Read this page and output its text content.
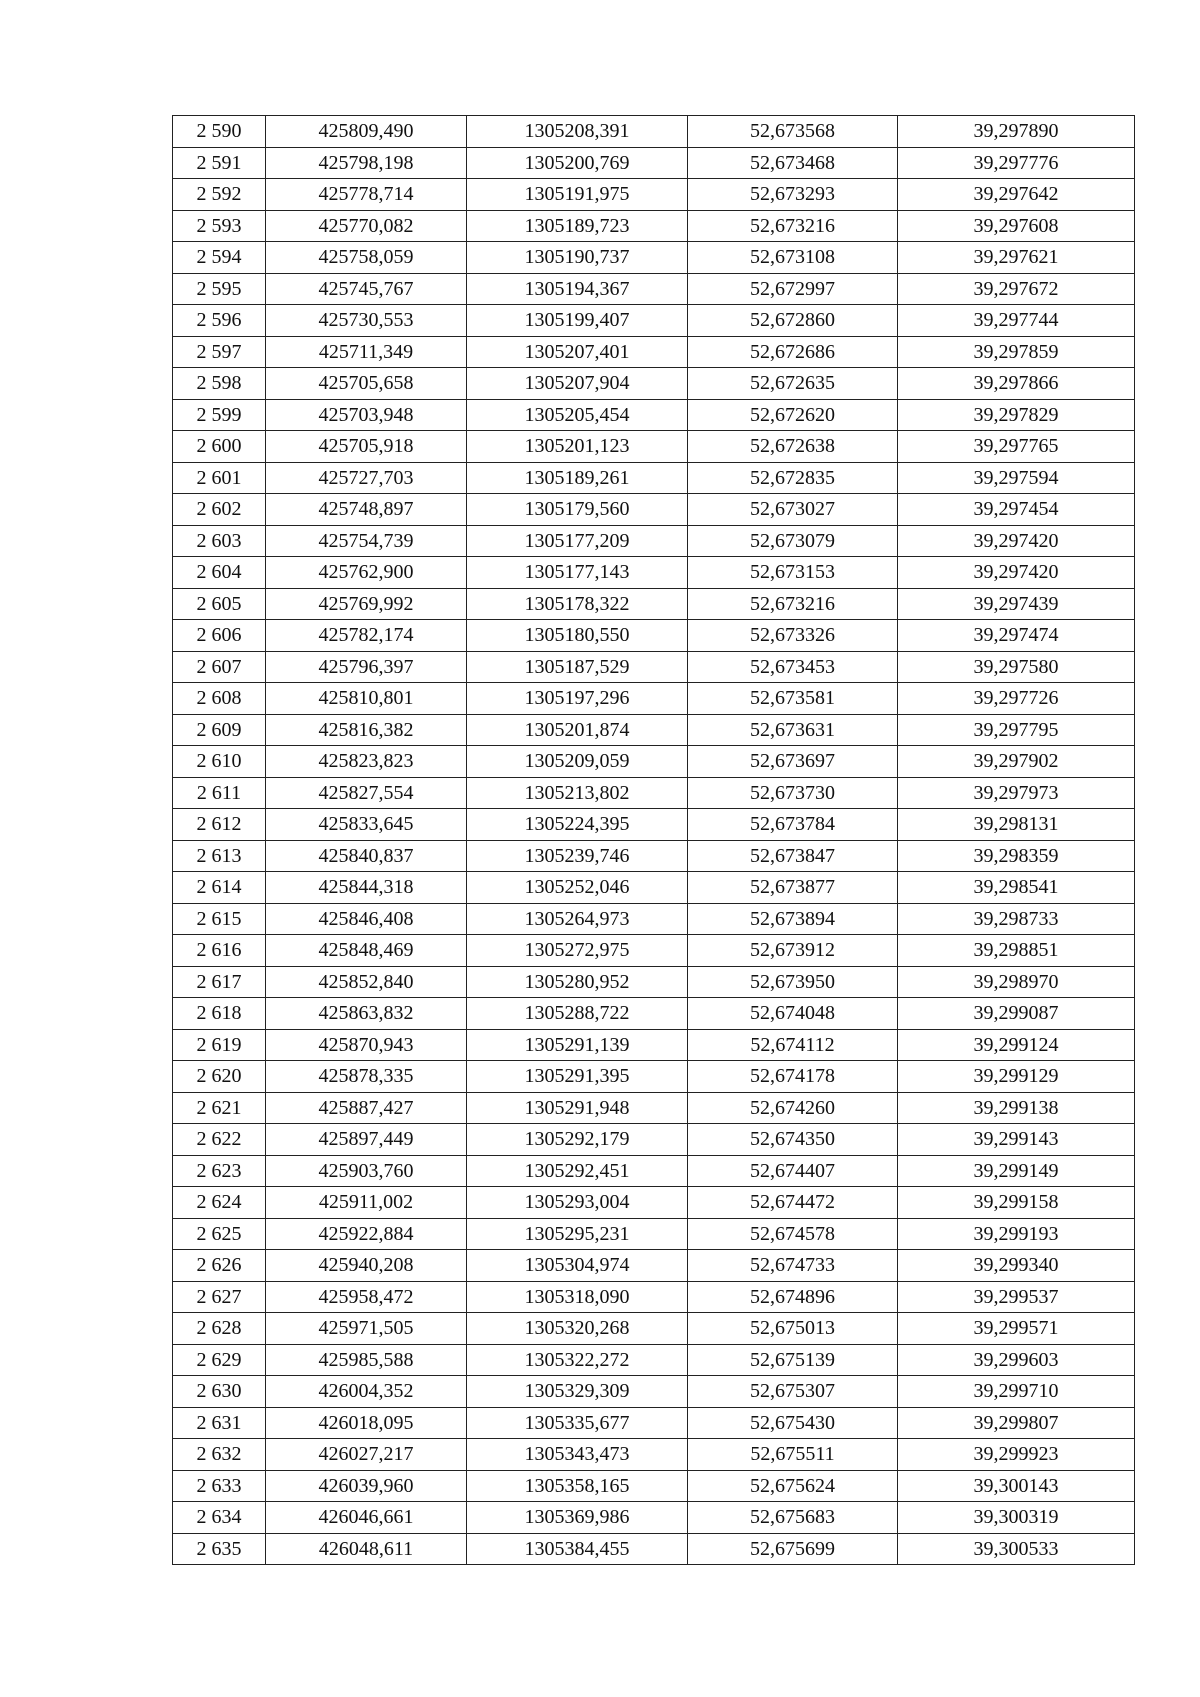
2 590	425809,490	1305208,391	52,673568	39,297890
2 591	425798,198	1305200,769	52,673468	39,297776
2 592	425778,714	1305191,975	52,673293	39,297642
2 593	425770,082	1305189,723	52,673216	39,297608
2 594	425758,059	1305190,737	52,673108	39,297621
2 595	425745,767	1305194,367	52,672997	39,297672
2 596	425730,553	1305199,407	52,672860	39,297744
2 597	425711,349	1305207,401	52,672686	39,297859
2 598	425705,658	1305207,904	52,672635	39,297866
2 599	425703,948	1305205,454	52,672620	39,297829
2 600	425705,918	1305201,123	52,672638	39,297765
2 601	425727,703	1305189,261	52,672835	39,297594
2 602	425748,897	1305179,560	52,673027	39,297454
2 603	425754,739	1305177,209	52,673079	39,297420
2 604	425762,900	1305177,143	52,673153	39,297420
2 605	425769,992	1305178,322	52,673216	39,297439
2 606	425782,174	1305180,550	52,673326	39,297474
2 607	425796,397	1305187,529	52,673453	39,297580
2 608	425810,801	1305197,296	52,673581	39,297726
2 609	425816,382	1305201,874	52,673631	39,297795
2 610	425823,823	1305209,059	52,673697	39,297902
2 611	425827,554	1305213,802	52,673730	39,297973
2 612	425833,645	1305224,395	52,673784	39,298131
2 613	425840,837	1305239,746	52,673847	39,298359
2 614	425844,318	1305252,046	52,673877	39,298541
2 615	425846,408	1305264,973	52,673894	39,298733
2 616	425848,469	1305272,975	52,673912	39,298851
2 617	425852,840	1305280,952	52,673950	39,298970
2 618	425863,832	1305288,722	52,674048	39,299087
2 619	425870,943	1305291,139	52,674112	39,299124
2 620	425878,335	1305291,395	52,674178	39,299129
2 621	425887,427	1305291,948	52,674260	39,299138
2 622	425897,449	1305292,179	52,674350	39,299143
2 623	425903,760	1305292,451	52,674407	39,299149
2 624	425911,002	1305293,004	52,674472	39,299158
2 625	425922,884	1305295,231	52,674578	39,299193
2 626	425940,208	1305304,974	52,674733	39,299340
2 627	425958,472	1305318,090	52,674896	39,299537
2 628	425971,505	1305320,268	52,675013	39,299571
2 629	425985,588	1305322,272	52,675139	39,299603
2 630	426004,352	1305329,309	52,675307	39,299710
2 631	426018,095	1305335,677	52,675430	39,299807
2 632	426027,217	1305343,473	52,675511	39,299923
2 633	426039,960	1305358,165	52,675624	39,300143
2 634	426046,661	1305369,986	52,675683	39,300319
2 635	426048,611	1305384,455	52,675699	39,300533
